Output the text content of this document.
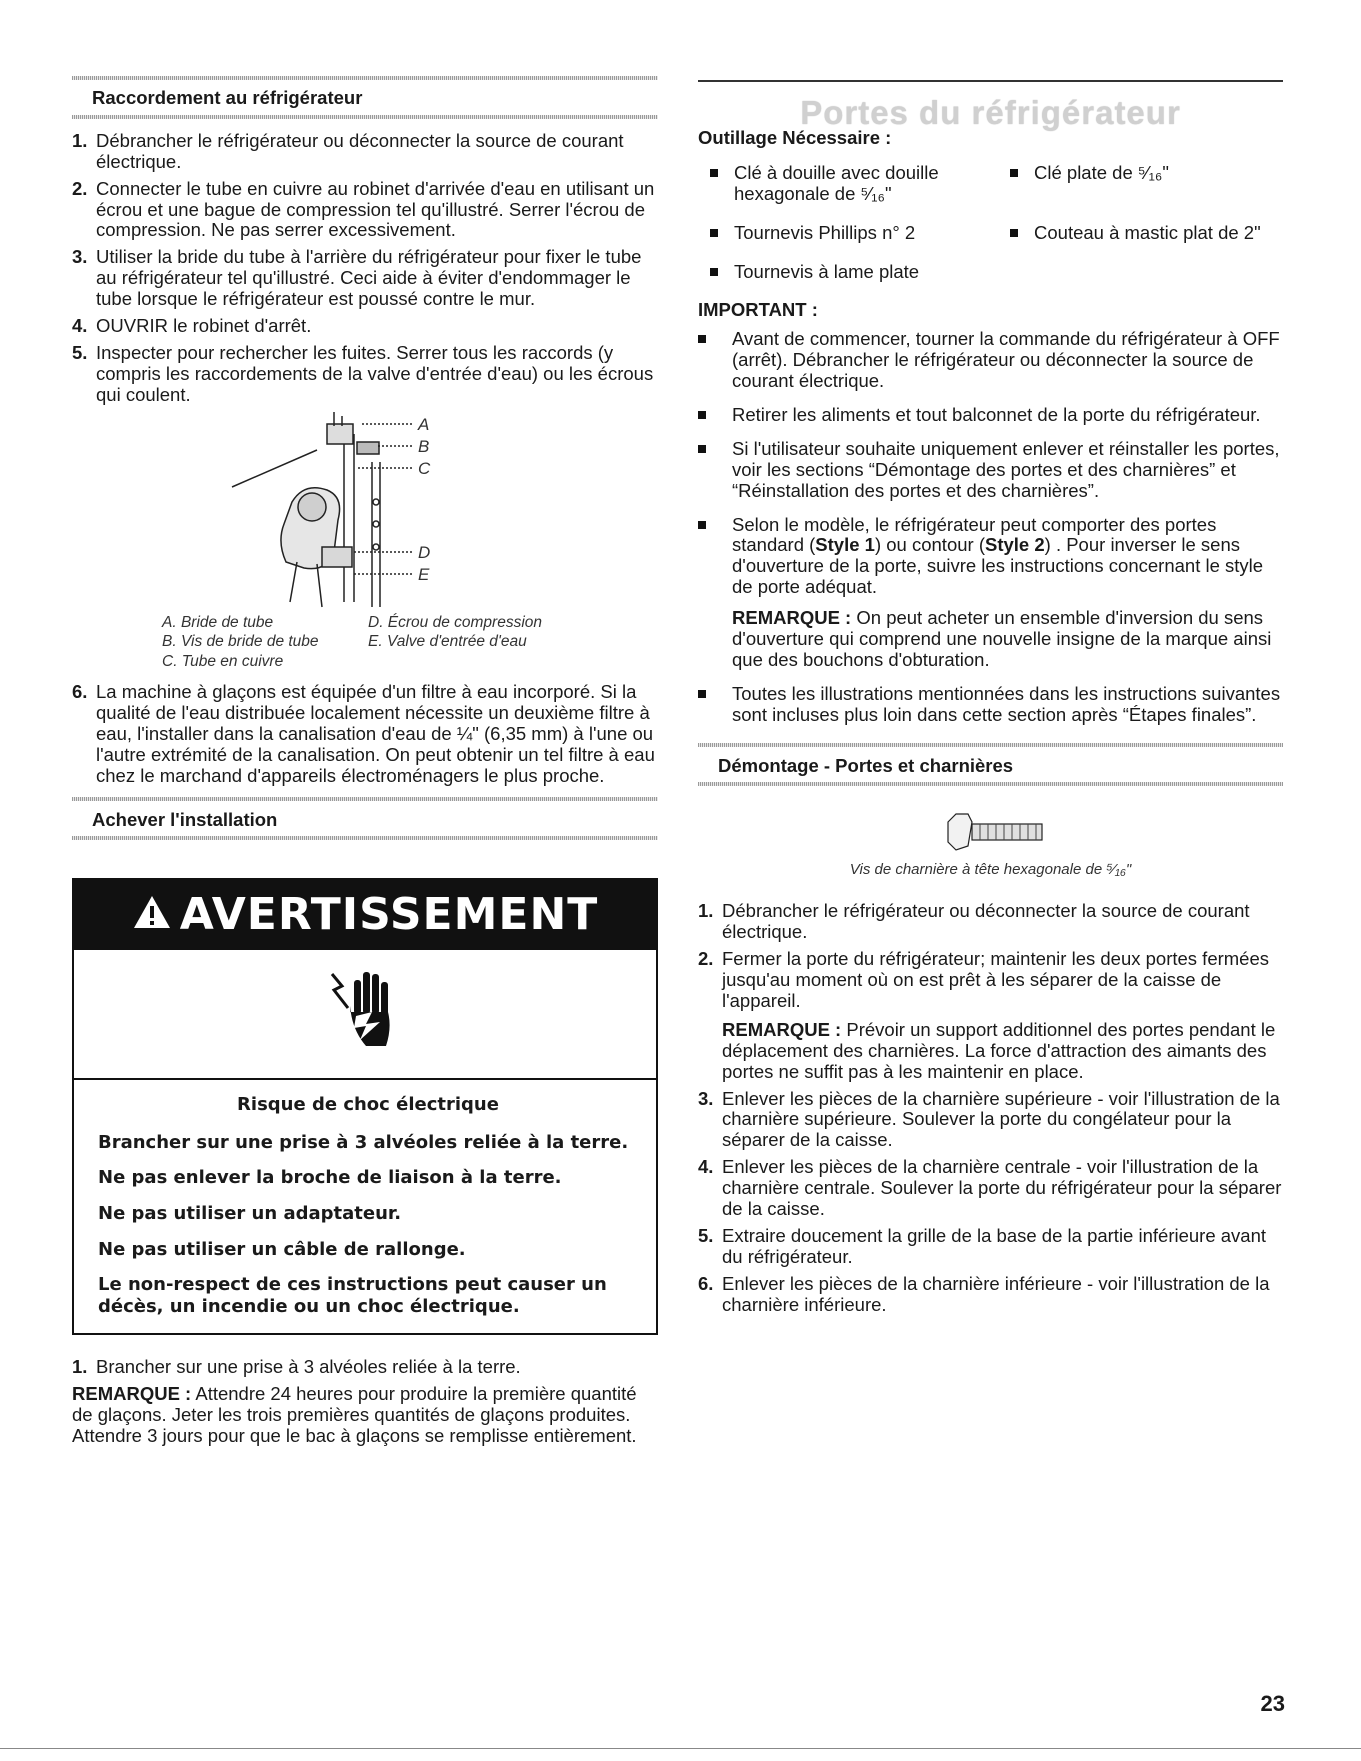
Raccordement au réfrigérateur
1. Débrancher le réfrigérateur ou déconnecter la source de courant électrique.
2. Connecter le tube en cuivre au robinet d'arrivée d'eau en utilisant un écrou et une bague de compression tel qu'illustré. Serrer l'écrou de compression. Ne pas serrer excessivement.
3. Utiliser la bride du tube à l'arrière du réfrigérateur pour fixer le tube au réfrigérateur tel qu'illustré. Ceci aide à éviter d'endommager le tube lorsque le réfrigérateur est poussé contre le mur.
4. OUVRIR le robinet d'arrêt.
5. Inspecter pour rechercher les fuites. Serrer tous les raccords (y compris les raccordements de la valve d'entrée d'eau) ou les écrous qui coulent.
A
B
C
D
E
A. Bride de tube	D. Écrou de compression
B. Vis de bride de tube	E. Valve d'entrée d'eau
C. Tube en cuivre
6. La machine à glaçons est équipée d'un filtre à eau incorporé. Si la qualité de l'eau distribuée localement nécessite un deuxième filtre à eau, l'installer dans la canalisation d'eau de ¼" (6,35 mm) à l'une ou l'autre extrémité de la canalisation. On peut obtenir un tel filtre à eau chez le marchand d'appareils électroménagers le plus proche.
Achever l'installation
AVERTISSEMENT
Risque de choc électrique
Brancher sur une prise à 3 alvéoles reliée à la terre.
Ne pas enlever la broche de liaison à la terre.
Ne pas utiliser un adaptateur.
Ne pas utiliser un câble de rallonge.
Le non-respect de ces instructions peut causer un décès, un incendie ou un choc électrique.
1. Brancher sur une prise à 3 alvéoles reliée à la terre.

REMARQUE : Attendre 24 heures pour produire la première quantité de glaçons. Jeter les trois premières quantités de glaçons produites. Attendre 3 jours pour que le bac à glaçons se remplisse entièrement.

Portes du réfrigérateur
Outillage Nécessaire :
Clé à douille avec douille hexagonale de ⁵⁄₁₆"
Clé plate de ⁵⁄₁₆"
Tournevis Phillips n° 2	Couteau à mastic plat de 2"
Tournevis à lame plate
IMPORTANT :
Avant de commencer, tourner la commande du réfrigérateur à OFF (arrêt). Débrancher le réfrigérateur ou déconnecter la source de courant électrique.
Retirer les aliments et tout balconnet de la porte du réfrigérateur.
Si l'utilisateur souhaite uniquement enlever et réinstaller les portes, voir les sections “Démontage des portes et des charnières” et “Réinstallation des portes et des charnières”.
Selon le modèle, le réfrigérateur peut comporter des portes standard (Style 1) ou contour (Style 2) . Pour inverser le sens d'ouverture de la porte, suivre les instructions concernant le style de porte adéquat.
REMARQUE : On peut acheter un ensemble d'inversion du sens d'ouverture qui comprend une nouvelle insigne de la marque ainsi que des bouchons d'obturation.
Toutes les illustrations mentionnées dans les instructions suivantes sont incluses plus loin dans cette section après “Étapes finales”.
Démontage - Portes et charnières
Vis de charnière à tête hexagonale de ⁵⁄₁₆"
1. Débrancher le réfrigérateur ou déconnecter la source de courant électrique.
2. Fermer la porte du réfrigérateur; maintenir les deux portes fermées jusqu'au moment où on est prêt à les séparer de la caisse de l'appareil.
REMARQUE : Prévoir un support additionnel des portes pendant le déplacement des charnières. La force d'attraction des aimants des portes ne suffit pas à les maintenir en place.
3. Enlever les pièces de la charnière supérieure - voir l'illustration de la charnière supérieure. Soulever la porte du congélateur pour la séparer de la caisse.
4. Enlever les pièces de la charnière centrale - voir l'illustration de la charnière centrale. Soulever la porte du réfrigérateur pour la séparer de la caisse.
5. Extraire doucement la grille de la base de la partie inférieure avant du réfrigérateur.
6. Enlever les pièces de la charnière inférieure - voir l'illustration de la charnière inférieure.
23
